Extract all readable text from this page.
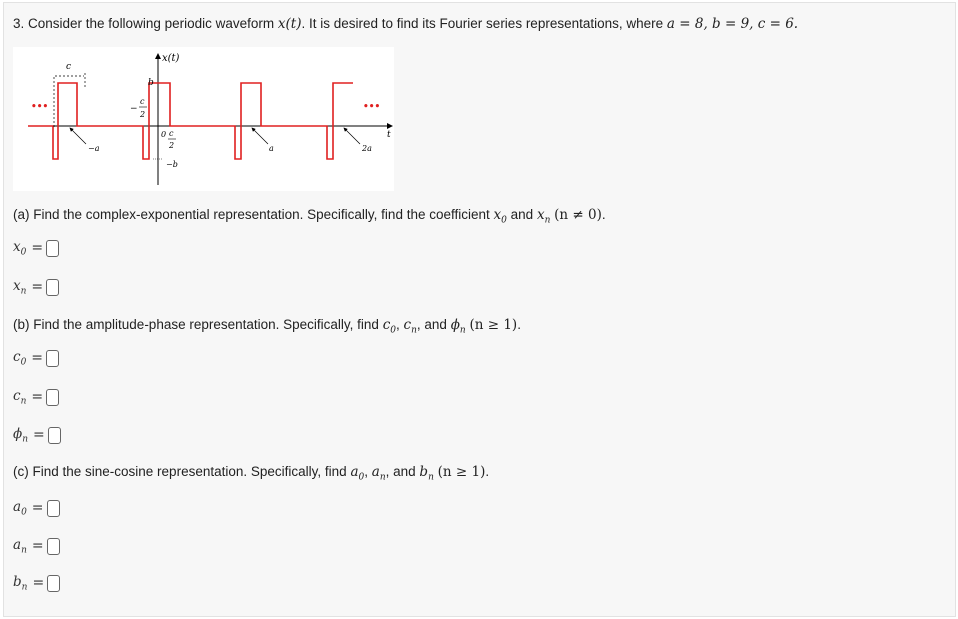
3. Consider the following periodic waveform x(t). It is desired to find its Fourier series representations, where a = 8, b = 9, c = 6.
t
x(t)
•••	•••
c
b
−
c
2
0 c
2
−b
−a	a	2a
(a) Find the complex-exponential representation. Specifically, find the coefficient $x_0$ and $x_n$ (n ≠ 0).
$x_0$ =
$x_n$ =
(b) Find the amplitude-phase representation. Specifically, find $c_0$, $c_n$, and $\phi_n$ (n ≥ 1).
$c_0$ =
$c_n$ =
$\phi_n$ =
(c) Find the sine-cosine representation. Specifically, find $a_0$, $a_n$, and $b_n$ (n ≥ 1).
$a_0$ =
$a_n$ =
$b_n$ =
